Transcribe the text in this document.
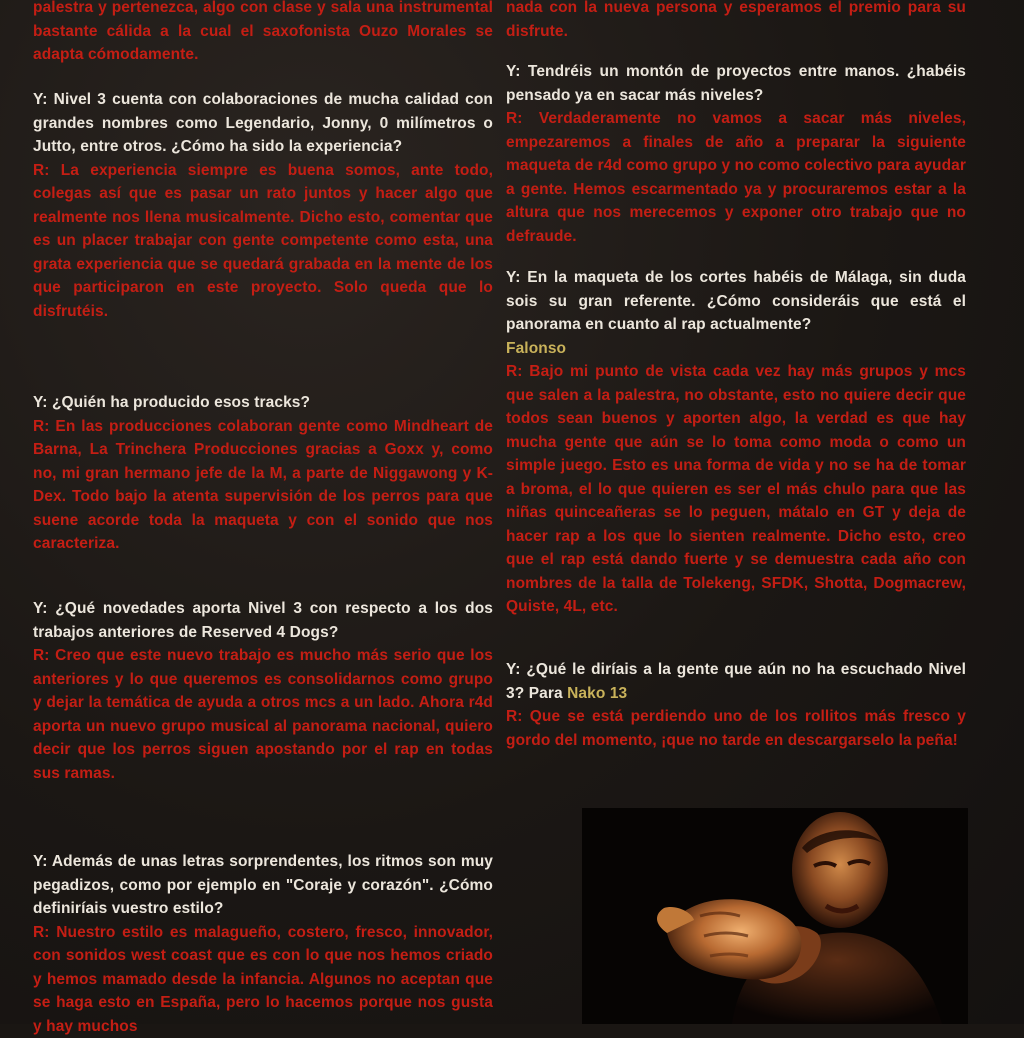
palestra y pertenezca, algo con clase y sala una instrumental bastante cálida a la cual el saxofonista Ouzo Morales se adapta cómodamente.

Y: Nivel 3 cuenta con colaboraciones de mucha calidad con grandes nombres como Legendario, Jonny, 0 milímetros o Jutto, entre otros. ¿Cómo ha sido la experiencia?

R: La experiencia siempre es buena somos, ante todo, colegas así que es pasar un rato juntos y hacer algo que realmente nos llena musicalmente. Dicho esto, comentar que es un placer trabajar con gente competente como esta, una grata experiencia que se quedará grabada en la mente de los que participaron en este proyecto. Solo queda que lo disfrutéis.

Y: ¿Quién ha producido esos tracks?

R: En las producciones colaboran gente como Mindheart de Barna, La Trinchera Producciones gracias a Goxx y, como no, mi gran hermano jefe de la M, a parte de Niggawong y K-Dex. Todo bajo la atenta supervisión de los perros para que suene acorde toda la maqueta y con el sonido que nos caracteriza.

Y: ¿Qué novedades aporta Nivel 3 con respecto a los dos trabajos anteriores de Reserved 4 Dogs?

R: Creo que este nuevo trabajo es mucho más serio que los anteriores y lo que queremos es consolidarnos como grupo y dejar la temática de ayuda a otros mcs a un lado. Ahora r4d aporta un nuevo grupo musical al panorama nacional, quiero decir que los perros siguen apostando por el rap en todas sus ramas.

Y: Además de unas letras sorprendentes, los ritmos son muy pegadizos, como por ejemplo en "Coraje y corazón". ¿Cómo definiríais vuestro estilo?

R: Nuestro estilo es malagueño, costero, fresco, innovador, con sonidos west coast que es con lo que nos hemos criado y hemos mamado desde la infancia. Algunos no aceptan que se haga esto en España, pero lo hacemos porque nos gusta y hay muchos

nada con la nueva persona y esperamos el premio para su disfrute.

Y: Tendréis un montón de proyectos entre manos. ¿habéis pensado ya en sacar más niveles?

R: Verdaderamente no vamos a sacar más niveles, empezaremos a finales de año a preparar la siguiente maqueta de r4d como grupo y no como colectivo para ayudar a gente. Hemos escarmentado ya y procuraremos estar a la altura que nos merecemos y exponer otro trabajo que no defraude.

Y: En la maqueta de los cortes habéis de Málaga, sin duda sois su gran referente. ¿Cómo consideráis que está el panorama en cuanto al rap actualmente?

Falonso

R: Bajo mi punto de vista cada vez hay más grupos y mcs que salen a la palestra, no obstante, esto no quiere decir que todos sean buenos y aporten algo, la verdad es que hay mucha gente que aún se lo toma como moda o como un simple juego. Esto es una forma de vida y no se ha de tomar a broma, el lo que quieren es ser el más chulo para que las niñas quinceañeras se lo peguen, mátalo en GT y deja de hacer rap a los que lo sienten realmente. Dicho esto, creo que el rap está dando fuerte y se demuestra cada año con nombres de la talla de Tolekeng, SFDK, Shotta, Dogmacrew, Quiste, 4L, etc.

Y: ¿Qué le diríais a la gente que aún no ha escuchado Nivel 3? Para Nako 13

R: Que se está perdiendo uno de los rollitos más fresco y gordo del momento, ¡que no tarde en descargarselo la peña!
